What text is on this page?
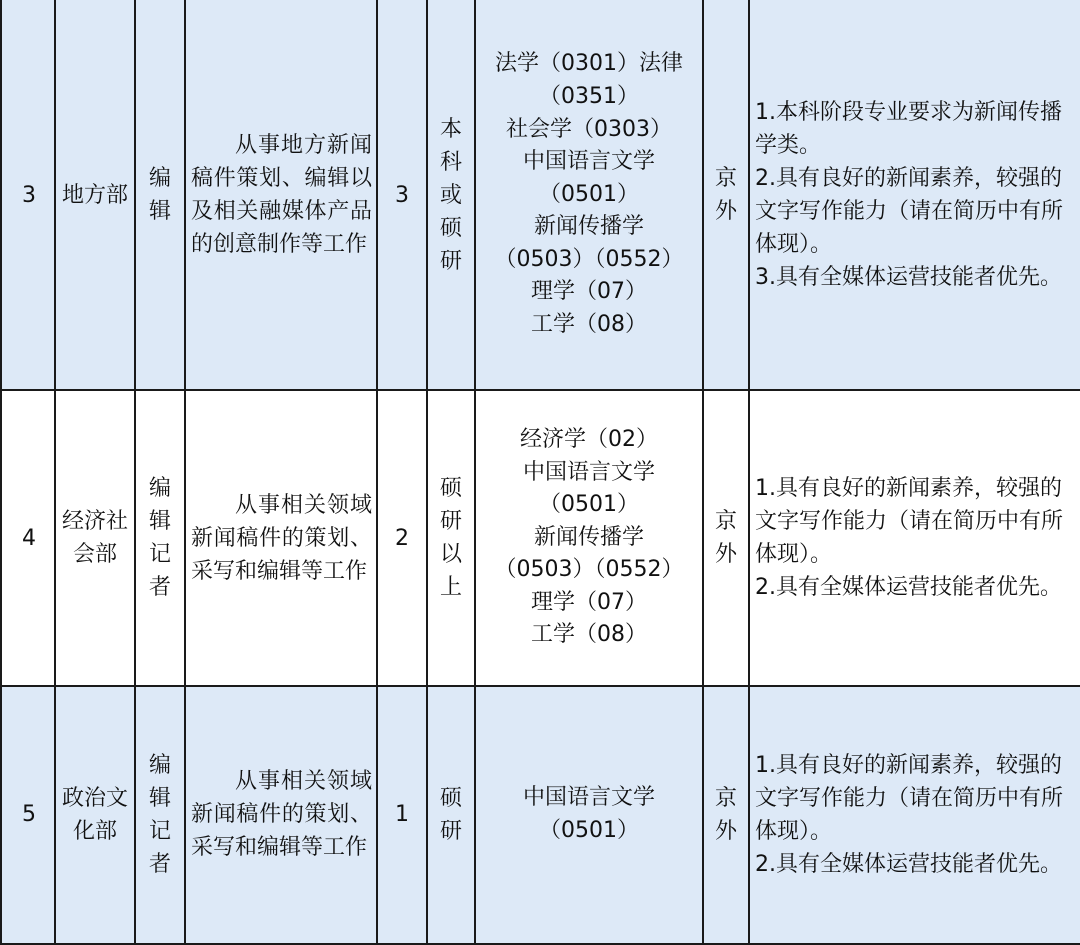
3	地方部
编辑
从事地方新闻稿件策划、编辑以及相关融媒体产品的创意制作等工作
3
本科或硕研
法学（0301）法律
（0351）
社会学（0303）
中国语言文学
（0501）
新闻传播学
（0503）（0552）
理学（07）
工学（08）
京外
1.本科阶段专业要求为新闻传播学类。
2.具有良好的新闻素养，较强的文字写作能力（请在简历中有所体现）。
3.具有全媒体运营技能者优先。
4
经济社会部
编辑记者
从事相关领域新闻稿件的策划、采写和编辑等工作
2
硕研以上
经济学（02）
中国语言文学
（0501）
新闻传播学
（0503）（0552）
理学（07）
工学（08）
京外
1.具有良好的新闻素养，较强的文字写作能力（请在简历中有所体现）。
2.具有全媒体运营技能者优先。
5
政治文化部
编辑记者
从事相关领域新闻稿件的策划、采写和编辑等工作
1
硕研
中国语言文学
（0501）
京外
1.具有良好的新闻素养，较强的文字写作能力（请在简历中有所体现）。
2.具有全媒体运营技能者优先。
